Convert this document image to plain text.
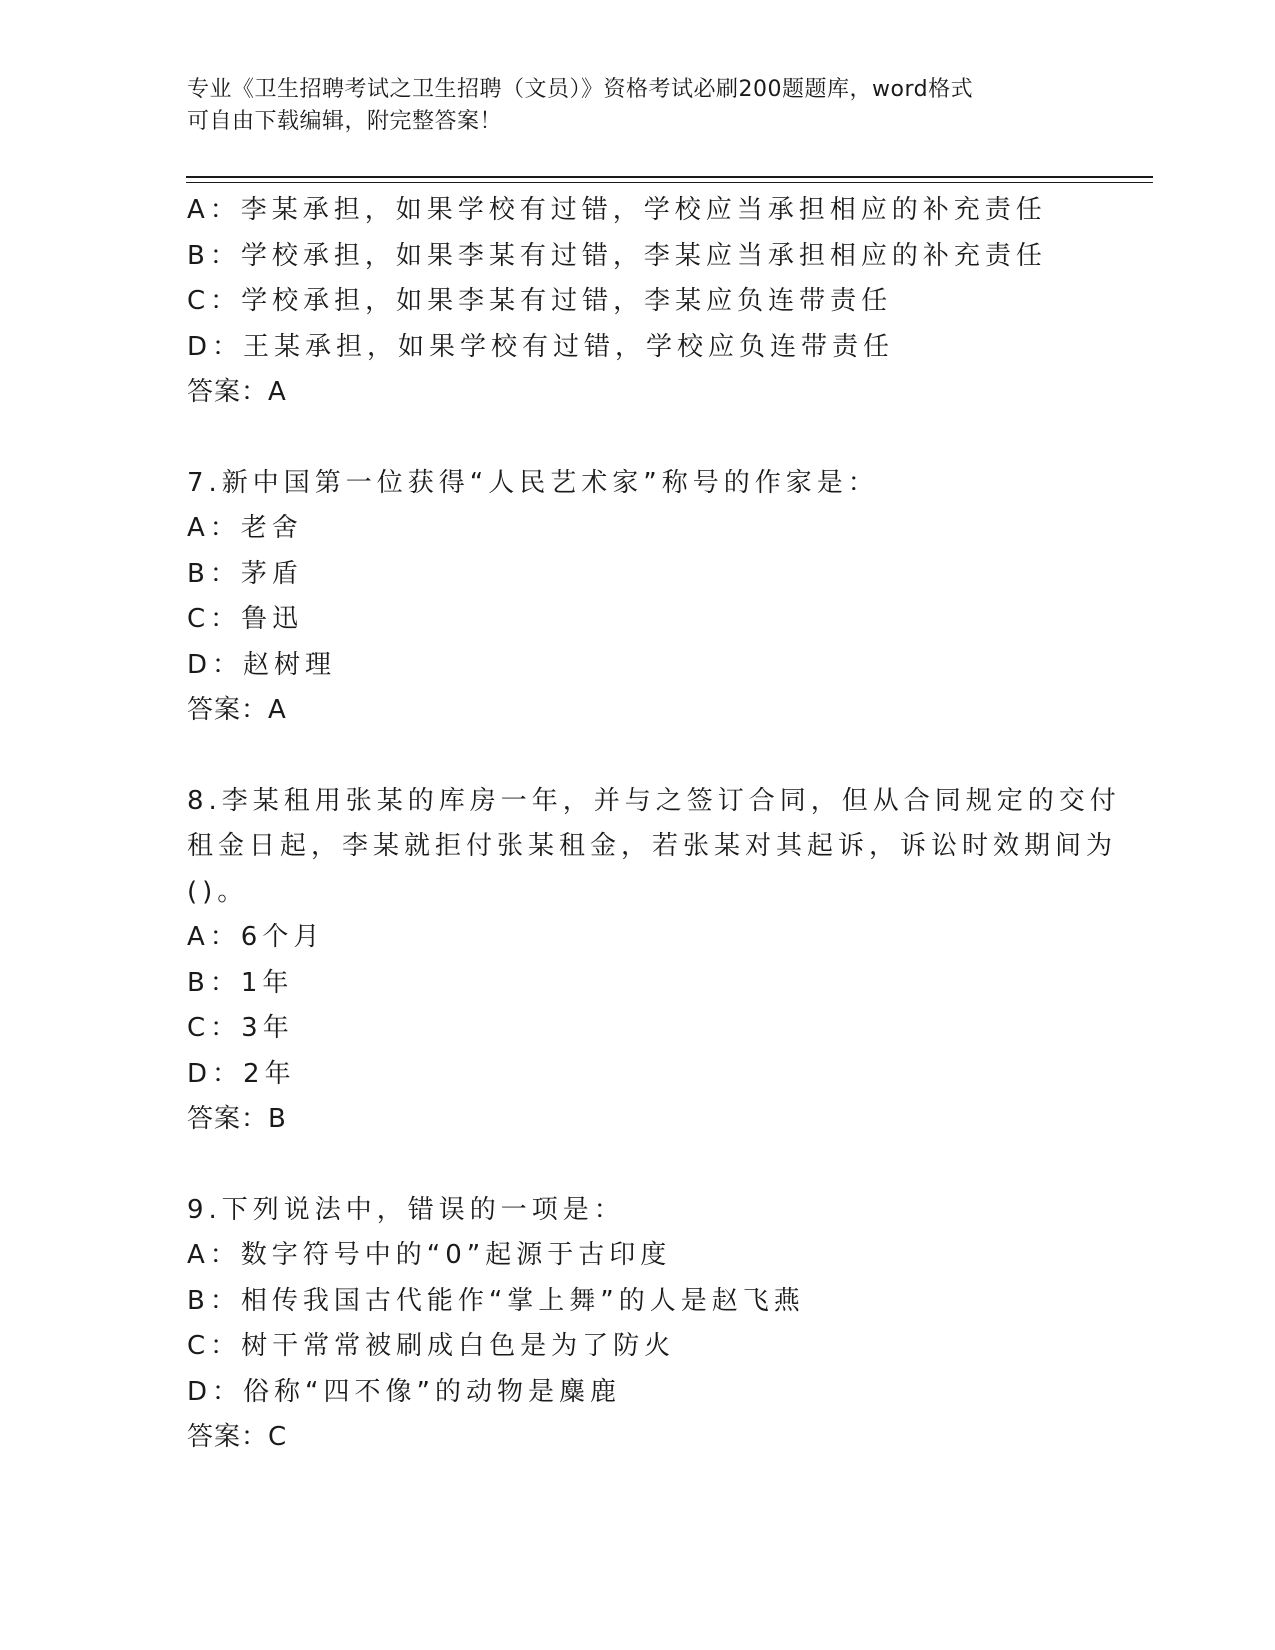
专业《卫生招聘考试之卫生招聘（文员）》资格考试必刷200题题库，word格式
可自由下载编辑，附完整答案！
A：李某承担，如果学校有过错，学校应当承担相应的补充责任
B：学校承担，如果李某有过错，李某应当承担相应的补充责任
C：学校承担，如果李某有过错，李某应负连带责任
D：王某承担，如果学校有过错，学校应负连带责任
答案：A
7.新中国第一位获得“人民艺术家”称号的作家是：
A：老舍
B：茅盾
C：鲁迅
D：赵树理
答案：A
8.李某租用张某的库房一年，并与之签订合同，但从合同规定的交付
租金日起，李某就拒付张某租金，若张某对其起诉，诉讼时效期间为
()。
A：6个月
B：1年
C：3年
D：2年
答案：B
9.下列说法中，错误的一项是：
A：数字符号中的“0”起源于古印度
B：相传我国古代能作“掌上舞”的人是赵飞燕
C：树干常常被刷成白色是为了防火
D：俗称“四不像”的动物是麋鹿
答案：C
